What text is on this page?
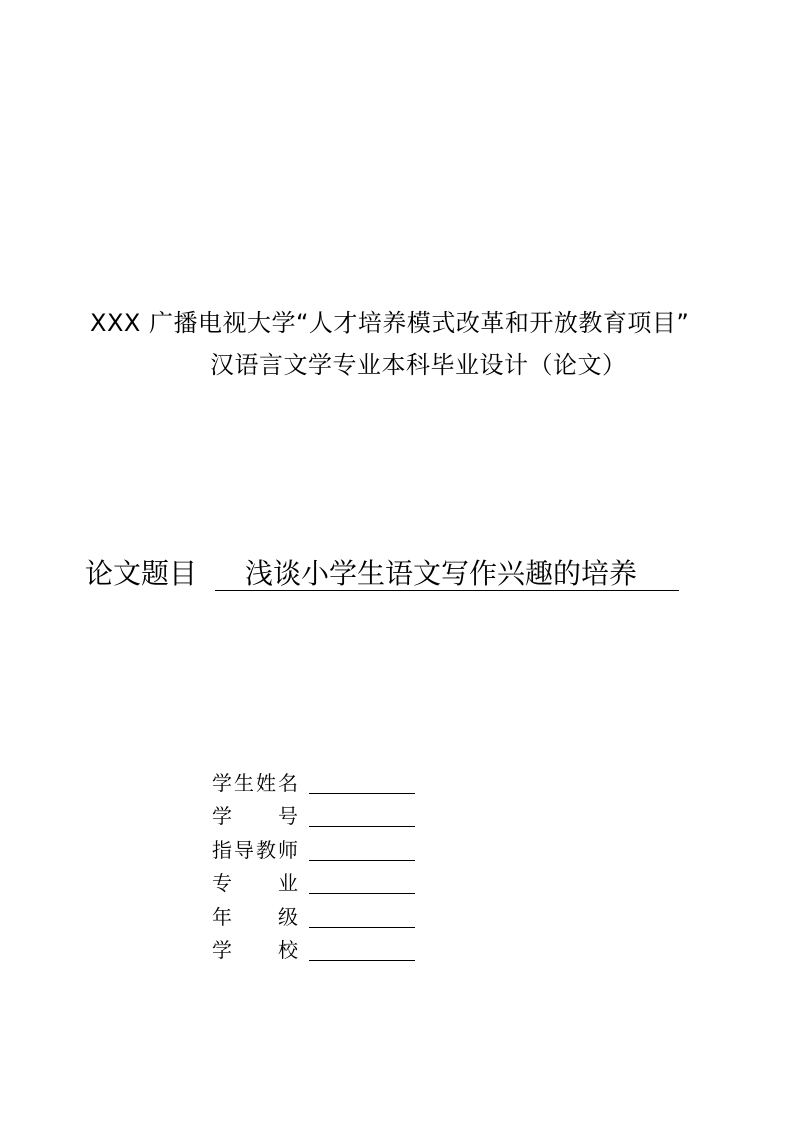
XXX 广播电视大学“人才培养模式改革和开放教育项目”
汉语言文学专业本科毕业设计（论文）
论文题目 浅谈小学生语文写作兴趣的培养
学 生 姓 名
学 号
指 导 教 师
专 业
年 级
学 校
